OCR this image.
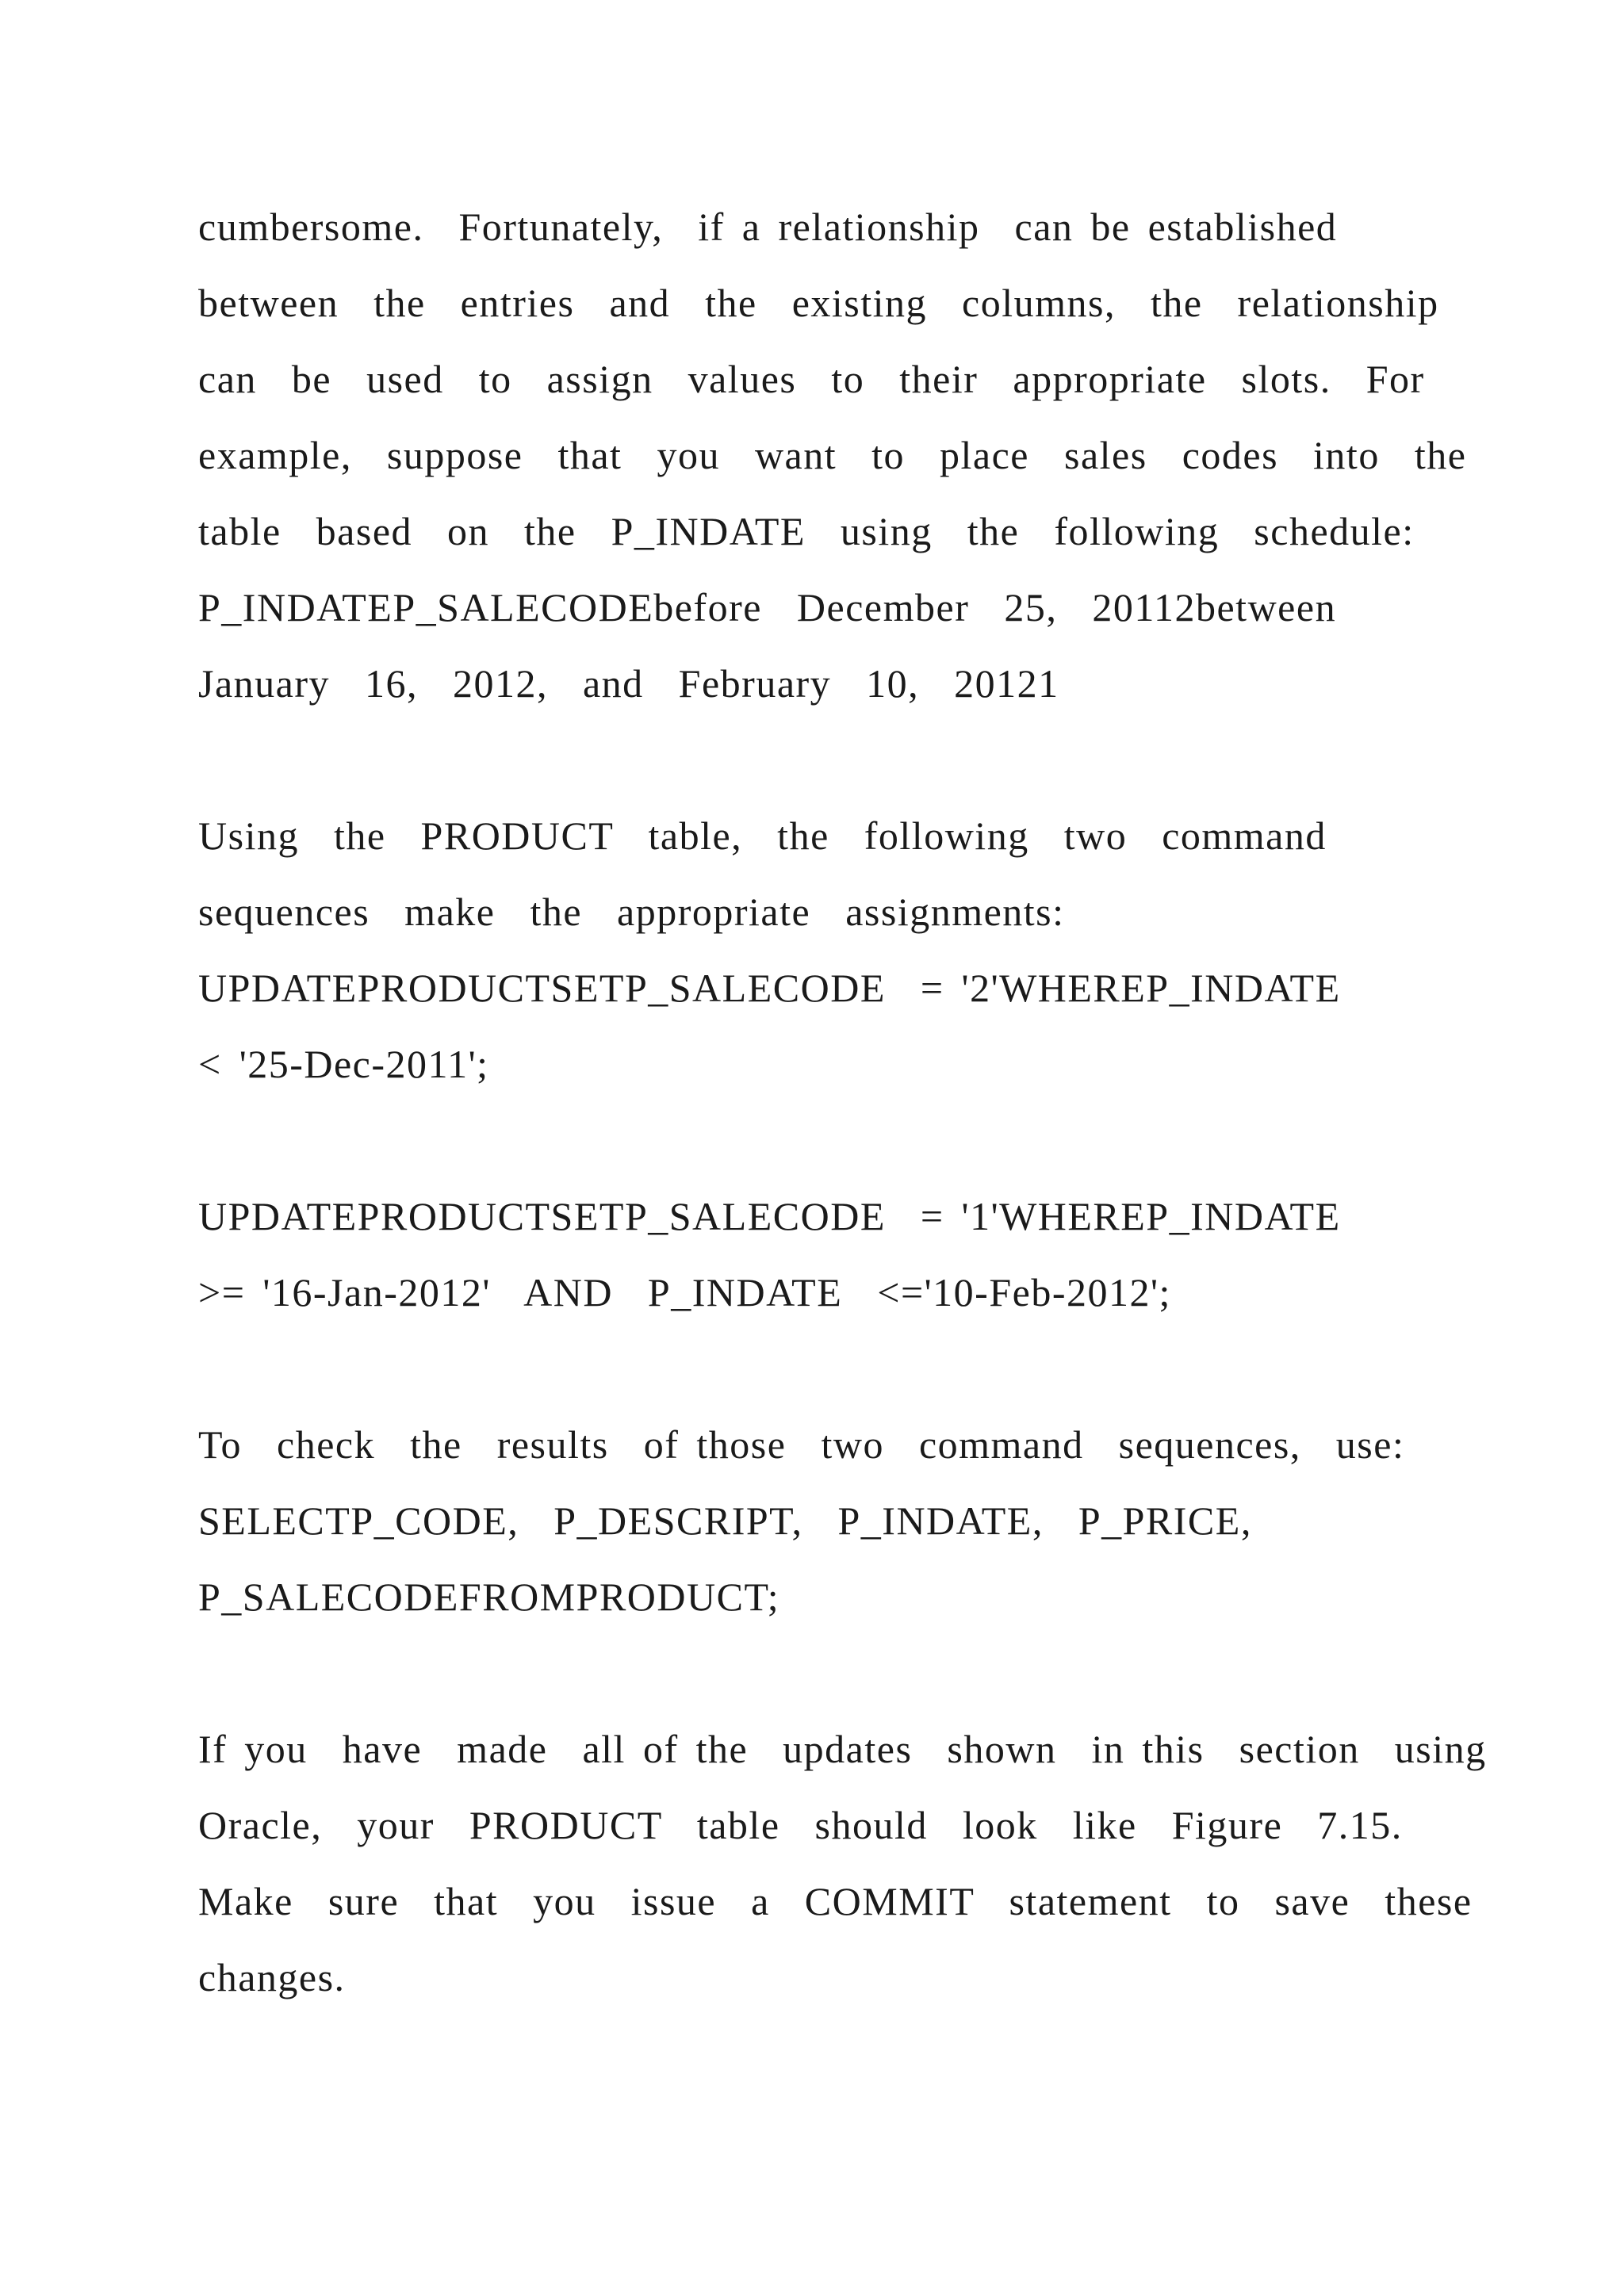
cumbersome.  Fortunately,  if a relationship  can be established
between  the  entries  and  the  existing  columns,  the  relationship
can  be  used  to  assign  values  to  their  appropriate  slots.  For
example,  suppose  that  you  want  to  place  sales  codes  into  the
table  based  on  the  P_INDATE  using  the  following  schedule:
P_INDATEP_SALECODEbefore  December  25,  20112between
January  16,  2012,  and  February  10,  20121
Using  the  PRODUCT  table,  the  following  two  command
sequences  make  the  appropriate  assignments:
UPDATEPRODUCTSETP_SALECODE  = '2'WHEREP_INDATE
< '25-Dec-2011';
UPDATEPRODUCTSETP_SALECODE  = '1'WHEREP_INDATE
>= '16-Jan-2012'  AND  P_INDATE  <='10-Feb-2012';
To  check  the  results  of those  two  command  sequences,  use:
SELECTP_CODE,  P_DESCRIPT,  P_INDATE,  P_PRICE,
P_SALECODEFROMPRODUCT;
If you  have  made  all of the  updates  shown  in this  section  using
Oracle,  your  PRODUCT  table  should  look  like  Figure  7.15.
Make  sure  that  you  issue  a  COMMIT  statement  to  save  these
changes.
